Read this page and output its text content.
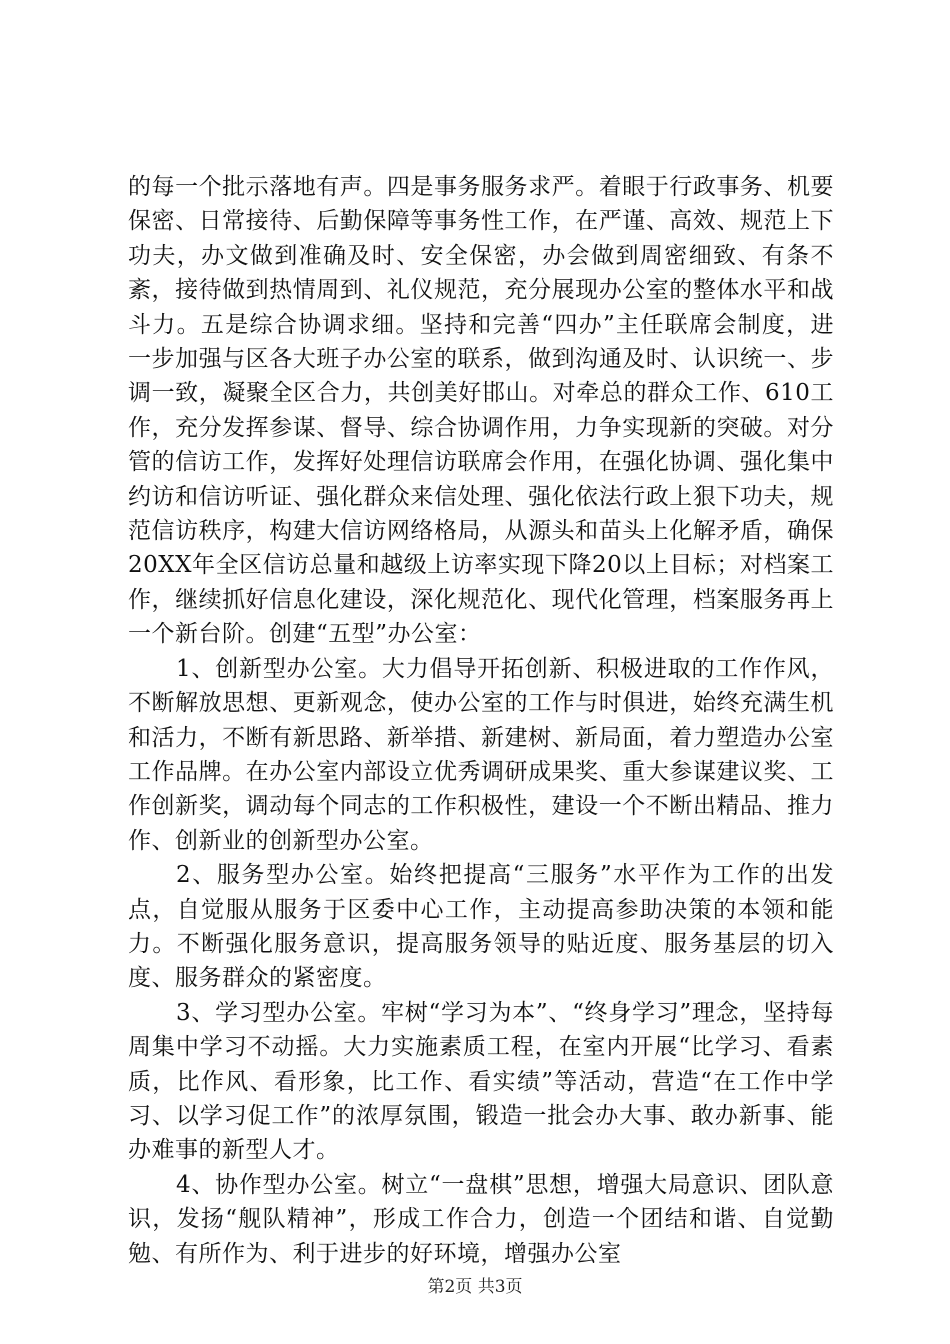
的每一个批示落地有声。四是事务服务求严。着眼于行政事务、机要保密、日常接待、后勤保障等事务性工作，在严谨、高效、规范上下功夫，办文做到准确及时、安全保密，办会做到周密细致、有条不紊，接待做到热情周到、礼仪规范，充分展现办公室的整体水平和战斗力。五是综合协调求细。坚持和完善“四办”主任联席会制度，进一步加强与区各大班子办公室的联系，做到沟通及时、认识统一、步调一致，凝聚全区合力，共创美好邯山。对牵总的群众工作、610工作，充分发挥参谋、督导、综合协调作用，力争实现新的突破。对分管的信访工作，发挥好处理信访联席会作用，在强化协调、强化集中约访和信访听证、强化群众来信处理、强化依法行政上狠下功夫，规范信访秩序，构建大信访网络格局，从源头和苗头上化解矛盾，确保20XX年全区信访总量和越级上访率实现下降20以上目标；对档案工作，继续抓好信息化建设，深化规范化、现代化管理，档案服务再上一个新台阶。创建“五型”办公室：

1、创新型办公室。大力倡导开拓创新、积极进取的工作作风，不断解放思想、更新观念，使办公室的工作与时俱进，始终充满生机和活力，不断有新思路、新举措、新建树、新局面，着力塑造办公室工作品牌。在办公室内部设立优秀调研成果奖、重大参谋建议奖、工作创新奖，调动每个同志的工作积极性，建设一个不断出精品、推力作、创新业的创新型办公室。

2、服务型办公室。始终把提高“三服务”水平作为工作的出发点，自觉服从服务于区委中心工作，主动提高参助决策的本领和能力。不断强化服务意识，提高服务领导的贴近度、服务基层的切入度、服务群众的紧密度。

3、学习型办公室。牢树“学习为本”、“终身学习”理念，坚持每周集中学习不动摇。大力实施素质工程，在室内开展“比学习、看素质，比作风、看形象，比工作、看实绩”等活动，营造“在工作中学习、以学习促工作”的浓厚氛围，锻造一批会办大事、敢办新事、能办难事的新型人才。

4、协作型办公室。树立“一盘棋”思想，增强大局意识、团队意识，发扬“舰队精神”，形成工作合力，创造一个团结和谐、自觉勤勉、有所作为、利于进步的好环境，增强办公室

第2页 共3页
